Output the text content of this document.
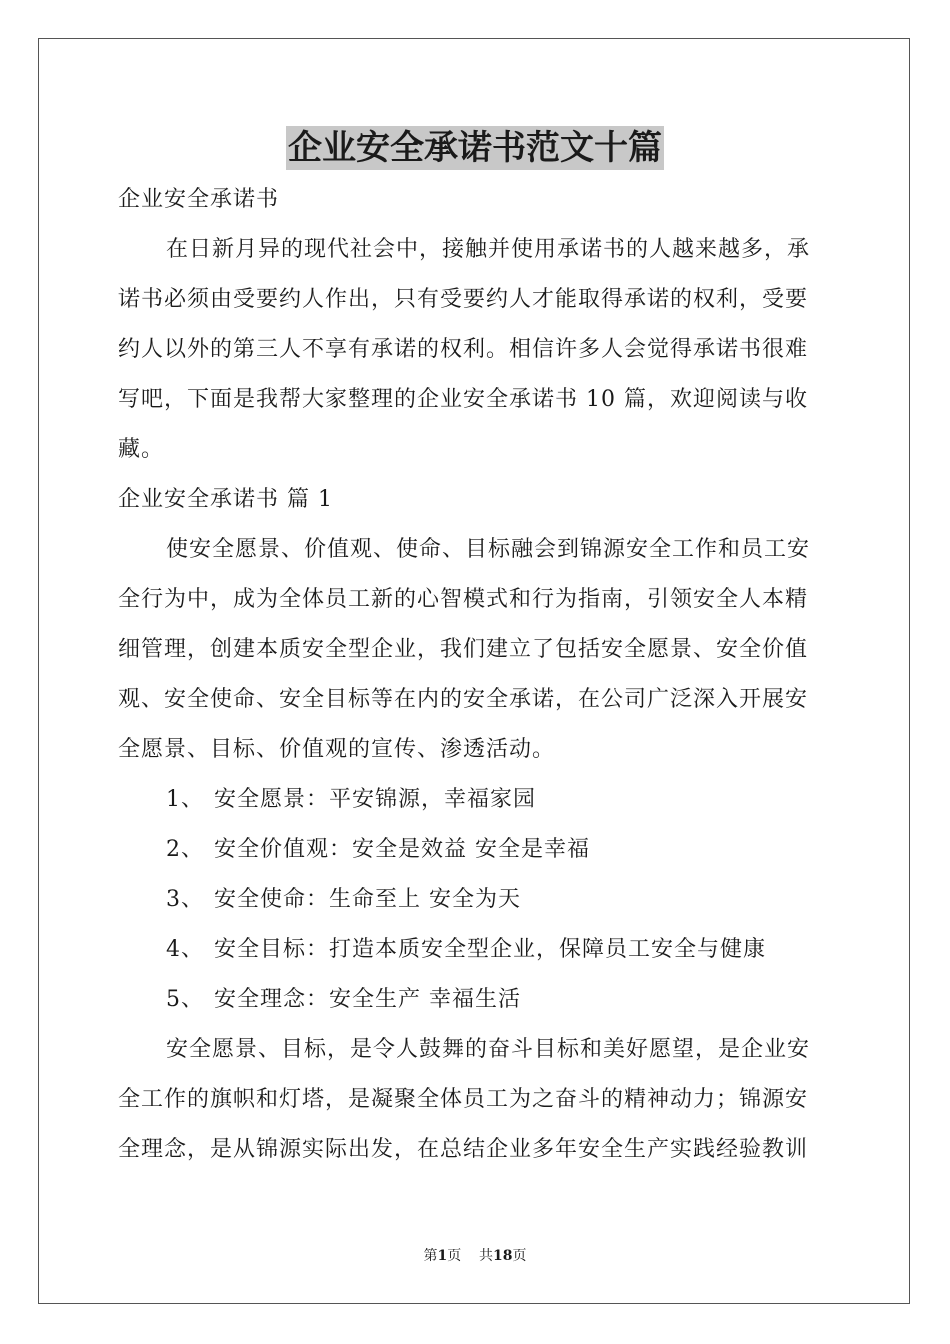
企业安全承诺书范文十篇
企业安全承诺书
在日新月异的现代社会中，接触并使用承诺书的人越来越多，承
诺书必须由受要约人作出，只有受要约人才能取得承诺的权利，受要
约人以外的第三人不享有承诺的权利。相信许多人会觉得承诺书很难
写吧，下面是我帮大家整理的企业安全承诺书 10 篇，欢迎阅读与收
藏。
企业安全承诺书 篇 1
使安全愿景、价值观、使命、目标融会到锦源安全工作和员工安
全行为中，成为全体员工新的心智模式和行为指南，引领安全人本精
细管理，创建本质安全型企业，我们建立了包括安全愿景、安全价值
观、安全使命、安全目标等在内的安全承诺，在公司广泛深入开展安
全愿景、目标、价值观的宣传、渗透活动。
1、 安全愿景：平安锦源，幸福家园
2、 安全价值观：安全是效益 安全是幸福
3、 安全使命：生命至上 安全为天
4、 安全目标：打造本质安全型企业，保障员工安全与健康
5、 安全理念：安全生产 幸福生活
安全愿景、目标，是令人鼓舞的奋斗目标和美好愿望，是企业安
全工作的旗帜和灯塔，是凝聚全体员工为之奋斗的精神动力；锦源安
全理念，是从锦源实际出发，在总结企业多年安全生产实践经验教训
第1页 共18页
